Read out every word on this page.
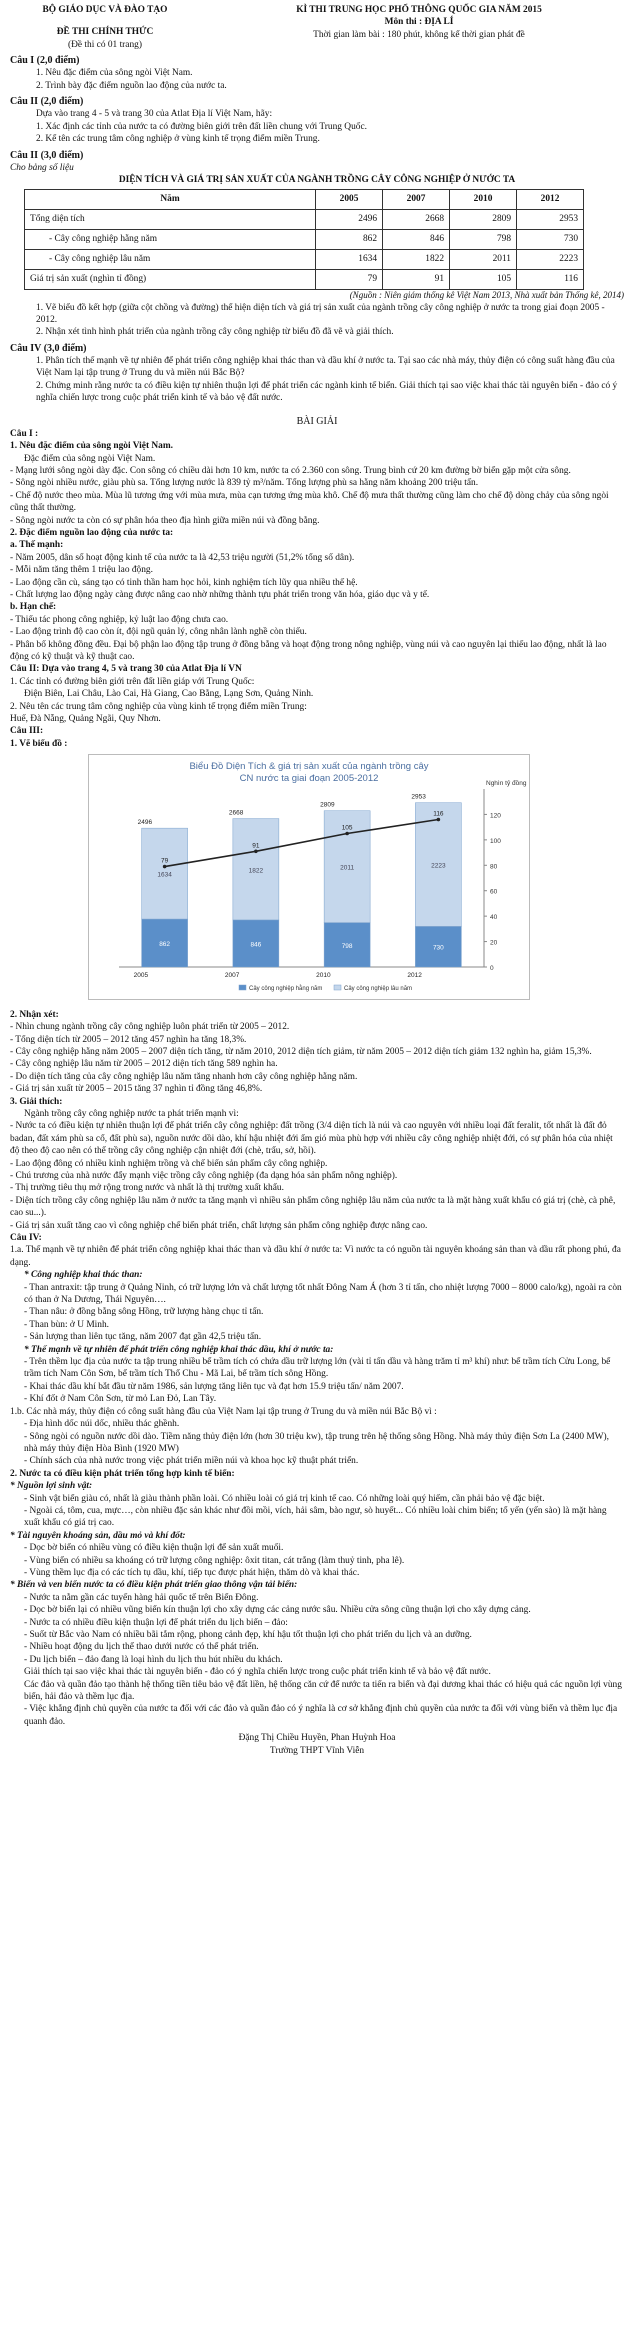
BỘ GIÁO DỤC VÀ ĐÀO TẠO

ĐỀ THI CHÍNH THỨC

(Đề thi có 01 trang)

KÌ THI TRUNG HỌC PHỔ THÔNG QUỐC GIA NĂM 2015

Môn thi : ĐỊA LÍ

Thời gian làm bài : 180 phút, không kể thời gian phát đề

Câu I (2,0 điểm)

1. Nêu đặc điểm của sông ngòi Việt Nam.

2. Trình bày đặc điểm nguồn lao động của nước ta.

Câu II (2,0 điểm)

Dựa vào trang 4 - 5 và trang 30 của Atlat Địa lí Việt Nam, hãy:

1. Xác định các tỉnh của nước ta có đường biên giới trên đất liền chung với Trung Quốc.

2. Kể tên các trung tâm công nghiệp ở vùng kinh tế trọng điểm miền Trung.

Câu II (3,0 điểm)

Cho bảng số liệu

DIỆN TÍCH VÀ GIÁ TRỊ SẢN XUẤT CỦA NGÀNH TRỒNG CÂY CÔNG NGHIỆP Ở NƯỚC TA

Năm	2005	2007	2010	2012
Tổng diện tích	2496	2668	2809	2953
- Cây công nghiệp hằng năm	862	846	798	730
- Cây công nghiệp lâu năm	1634	1822	2011	2223
Giá trị sản xuất (nghìn tỉ đồng)	79	91	105	116

(Nguồn : Niên giám thống kê Việt Nam 2013, Nhà xuất bản Thống kê, 2014)

1. Vẽ biểu đồ kết hợp (giữa cột chồng và đường) thể hiện diện tích và giá trị sản xuất của ngành trồng cây công nghiệp ở nước ta trong giai đoạn 2005 - 2012.

2. Nhận xét tình hình phát triển của ngành trồng cây công nghiệp từ biểu đồ đã vẽ và giải thích.

Câu IV (3,0 điểm)

1. Phân tích thế mạnh về tự nhiên để phát triển công nghiệp khai thác than và dầu khí ở nước ta. Tại sao các nhà máy, thủy điện có công suất hàng đầu của Việt Nam lại tập trung ở Trung du và miền núi Bắc Bộ?

2. Chứng minh rằng nước ta có điều kiện tự nhiên thuận lợi để phát triển các ngành kinh tế biển. Giải thích tại sao việc khai thác tài nguyên biển - đảo có ý nghĩa chiến lược trong cuộc phát triển kinh tế và bảo vệ đất nước.

BÀI GIẢI

Câu I :

1. Nêu đặc điểm của sông ngòi Việt Nam.

Đặc điểm của sông ngòi Việt Nam.

- Mạng lưới sông ngòi dày đặc. Con sông có chiều dài hơn 10 km, nước ta có 2.360 con sông. Trung bình cứ 20 km đường bờ biển gặp một cửa sông.

- Sông ngòi nhiều nước, giàu phù sa. Tổng lượng nước là 839 tỷ m³/năm. Tổng lượng phù sa hằng năm khoảng 200 triệu tấn.

- Chế độ nước theo mùa. Mùa lũ tương ứng với mùa mưa, mùa cạn tương ứng mùa khô. Chế độ mưa thất thường cũng làm cho chế độ dòng chảy của sông ngòi cũng thất thường.

- Sông ngòi nước ta còn có sự phân hóa theo địa hình giữa miền núi và đồng bằng.

2. Đặc điểm nguồn lao động của nước ta:

a. Thế mạnh:

- Năm 2005, dân số hoạt động kinh tế của nước ta là 42,53 triệu người (51,2% tổng số dân).

- Mỗi năm tăng thêm 1 triệu lao động.

- Lao động cần cù, sáng tạo có tinh thần ham học hỏi, kinh nghiệm tích lũy qua nhiều thế hệ.

- Chất lượng lao động ngày càng được nâng cao nhờ những thành tựu phát triển trong văn hóa, giáo dục và y tế.

b. Hạn chế:

- Thiếu tác phong công nghiệp, kỷ luật lao động chưa cao.

- Lao động trình độ cao còn ít, đội ngũ quản lý, công nhân lành nghề còn thiếu.

- Phân bố không đồng đều. Đại bộ phận lao động tập trung ở đồng bằng và hoạt động trong nông nghiệp, vùng núi và cao nguyên lại thiếu lao động, nhất là lao động có kỹ thuật và kỹ thuật cao.

Câu II: Dựa vào trang 4, 5 và trang 30 của Atlat Địa lí VN

1. Các tỉnh có đường biên giới trên đất liền giáp với Trung Quốc:

Điện Biên, Lai Châu, Lào Cai, Hà Giang, Cao Bằng, Lạng Sơn, Quảng Ninh.

2. Nêu tên các trung tâm công nghiệp của vùng kinh tế trọng điểm miền Trung:

Huế, Đà Nẵng, Quảng Ngãi, Quy Nhơn.

Câu III:

1. Vẽ biểu đồ :

Biểu Đồ Diện Tích & giá trị sản xuất của ngành trồng cây
CN nước ta giai đoạn 2005-2012
0
20
40
60
80
100
120
Nghìn tỷ đồng
862
1634
2496
2005
846
1822
2668
2007
798
2011
2809
2010
730
2223
2953
2012
79
91
105
116
Cây công nghiệp hằng năm	Cây công nghiệp lâu năm

2. Nhận xét:

- Nhìn chung ngành trồng cây công nghiệp luôn phát triển từ 2005 – 2012.

- Tổng diện tích từ 2005 – 2012 tăng 457 nghìn ha tăng 18,3%.

- Cây công nghiệp hằng năm 2005 – 2007 diện tích tăng, từ năm 2010, 2012 diện tích giảm, từ năm 2005 – 2012 diện tích giảm 132 nghìn ha, giảm 15,3%.

- Cây công nghiệp lâu năm từ 2005 – 2012 diện tích tăng 589 nghìn ha.

- Do diện tích tăng của cây công nghiệp lâu năm tăng nhanh hơn cây công nghiệp hằng năm.

- Giá trị sản xuất từ 2005 – 2015 tăng 37 nghìn tỉ đồng tăng 46,8%.

3. Giải thích:

Ngành trồng cây công nghiệp nước ta phát triển mạnh vì:

- Nước ta có điều kiện tự nhiên thuận lợi để phát triển cây công nghiệp: đất trồng (3/4 diện tích là núi và cao nguyên với nhiều loại đất feralit, tốt nhất là đất đỏ badan, đất xám phù sa cổ, đất phù sa), nguồn nước dồi dào, khí hậu nhiệt đới ẩm gió mùa phù hợp với nhiều cây công nghiệp nhiệt đới, có sự phân hóa của nhiệt độ theo độ cao nên có thể trồng cây công nghiệp cận nhiệt đới (chè, trẩu, sở, hồi).

- Lao động đông có nhiều kinh nghiệm trồng và chế biến sản phẩm cây công nghiệp.

- Chú trương của nhà nước đẩy mạnh việc trồng cây công nghiệp (đa dạng hóa sản phẩm nông nghiệp).

- Thị trường tiêu thụ mở rộng trong nước và nhất là thị trường xuất khẩu.

- Diện tích trồng cây công nghiệp lâu năm ở nước ta tăng mạnh vì nhiều sản phẩm công nghiệp lâu năm của nước ta là mặt hàng xuất khẩu có giá trị (chè, cà phê, cao su...).

- Giá trị sản xuất tăng cao vì công nghiệp chế biến phát triển, chất lượng sản phẩm công nghiệp được nâng cao.

Câu IV:

1.a. Thế mạnh về tự nhiên để phát triển công nghiệp khai thác than và dầu khí ở nước ta: Vì nước ta có nguồn tài nguyên khoáng sản than và dầu rất phong phú, đa dạng.

* Công nghiệp khai thác than:

- Than antraxit: tập trung ở Quảng Ninh, có trữ lượng lớn và chất lượng tốt nhất Đông Nam Á (hơn 3 tỉ tấn, cho nhiệt lượng 7000 – 8000 calo/kg), ngoài ra còn có than ở Na Dương, Thái Nguyên….

- Than nâu: ở đồng bằng sông Hồng, trữ lượng hàng chục tỉ tấn.

- Than bùn: ở U Minh.

- Sản lượng than liên tục tăng, năm 2007 đạt gần 42,5 triệu tấn.

* Thế mạnh về tự nhiên để phát triển công nghiệp khai thác dầu, khí ở nước ta:

- Trên thềm lục địa của nước ta tập trung nhiều bể trầm tích có chứa dầu trữ lượng lớn (vài tỉ tấn dầu và hàng trăm tỉ m³ khí) như: bể trầm tích Cửu Long, bể trầm tích Nam Côn Sơn, bể trầm tích Thổ Chu - Mã Lai, bể trầm tích sông Hồng.

- Khai thác dầu khí bắt đầu từ năm 1986, sản lượng tăng liên tục và đạt hơn 15.9 triệu tấn/ năm 2007.

- Khí đốt ở Nam Côn Sơn, từ mỏ Lan Đỏ, Lan Tây.

1.b. Các nhà máy, thủy điện có công suất hàng đầu của Việt Nam lại tập trung ở Trung du và miền núi Bắc Bộ vì :

- Địa hình dốc núi dốc, nhiều thác ghềnh.

- Sông ngòi có nguồn nước dồi dào. Tiềm năng thủy điện lớn (hơn 30 triệu kw), tập trung trên hệ thống sông Hồng. Nhà máy thủy điện Sơn La (2400 MW), nhà máy thủy điện Hòa Bình (1920 MW)

- Chính sách của nhà nước trong việc phát triển miền núi và khoa học kỹ thuật phát triển.

2. Nước ta có điều kiện phát triển tổng hợp kinh tế biển:

* Nguồn lợi sinh vật:

- Sinh vật biển giàu có, nhất là giàu thành phần loài. Có nhiều loài có giá trị kinh tế cao. Có những loài quý hiếm, cần phải bảo vệ đặc biệt.

- Ngoài cá, tôm, cua, mực…, còn nhiều đặc sản khác như đồi mồi, vích, hải sâm, bào ngư, sò huyết... Có nhiều loài chim biển; tổ yến (yến sào) là mặt hàng xuất khẩu có giá trị cao.

* Tài nguyên khoáng sản, dầu mỏ và khí đốt:

- Dọc bờ biển có nhiều vùng có điều kiện thuận lợi để sản xuất muối.

- Vùng biển có nhiều sa khoáng có trữ lượng công nghiệp: ôxit titan, cát trắng (làm thuỷ tinh, pha lê).

- Vùng thềm lục địa có các tích tụ dầu, khí, tiếp tục được phát hiện, thăm dò và khai thác.

* Biển và ven biển nước ta có điều kiện phát triển giao thông vận tải biển:

- Nước ta nằm gần các tuyến hàng hải quốc tế trên Biển Đông.

- Dọc bờ biển lại có nhiều vũng biển kín thuận lợi cho xây dựng các cảng nước sâu. Nhiều cửa sông cũng thuận lợi cho xây dựng cảng.

- Nước ta có nhiều điều kiện thuận lợi để phát triển du lịch biển – đảo:

- Suốt từ Bắc vào Nam có nhiều bãi tắm rộng, phong cảnh đẹp, khí hậu tốt thuận lợi cho phát triển du lịch và an dưỡng.

- Nhiều hoạt động du lịch thể thao dưới nước có thể phát triển.

- Du lịch biển – đảo đang là loại hình du lịch thu hút nhiều du khách.

Giải thích tại sao việc khai thác tài nguyên biển - đảo có ý nghĩa chiến lược trong cuộc phát triển kinh tế và bảo vệ đất nước.

Các đảo và quần đảo tạo thành hệ thống tiền tiêu bảo vệ đất liền, hệ thống căn cứ để nước ta tiến ra biển và đại dương khai thác có hiệu quả các nguồn lợi vùng biển, hải đảo và thềm lục địa.

- Việc khẳng định chủ quyền của nước ta đối với các đảo và quần đảo có ý nghĩa là cơ sở khẳng định chủ quyền của nước ta đối với vùng biển và thềm lục địa quanh đảo.

Đặng Thị Chiều Huyền, Phan Huỳnh Hoa

Trường THPT Vĩnh Viễn
